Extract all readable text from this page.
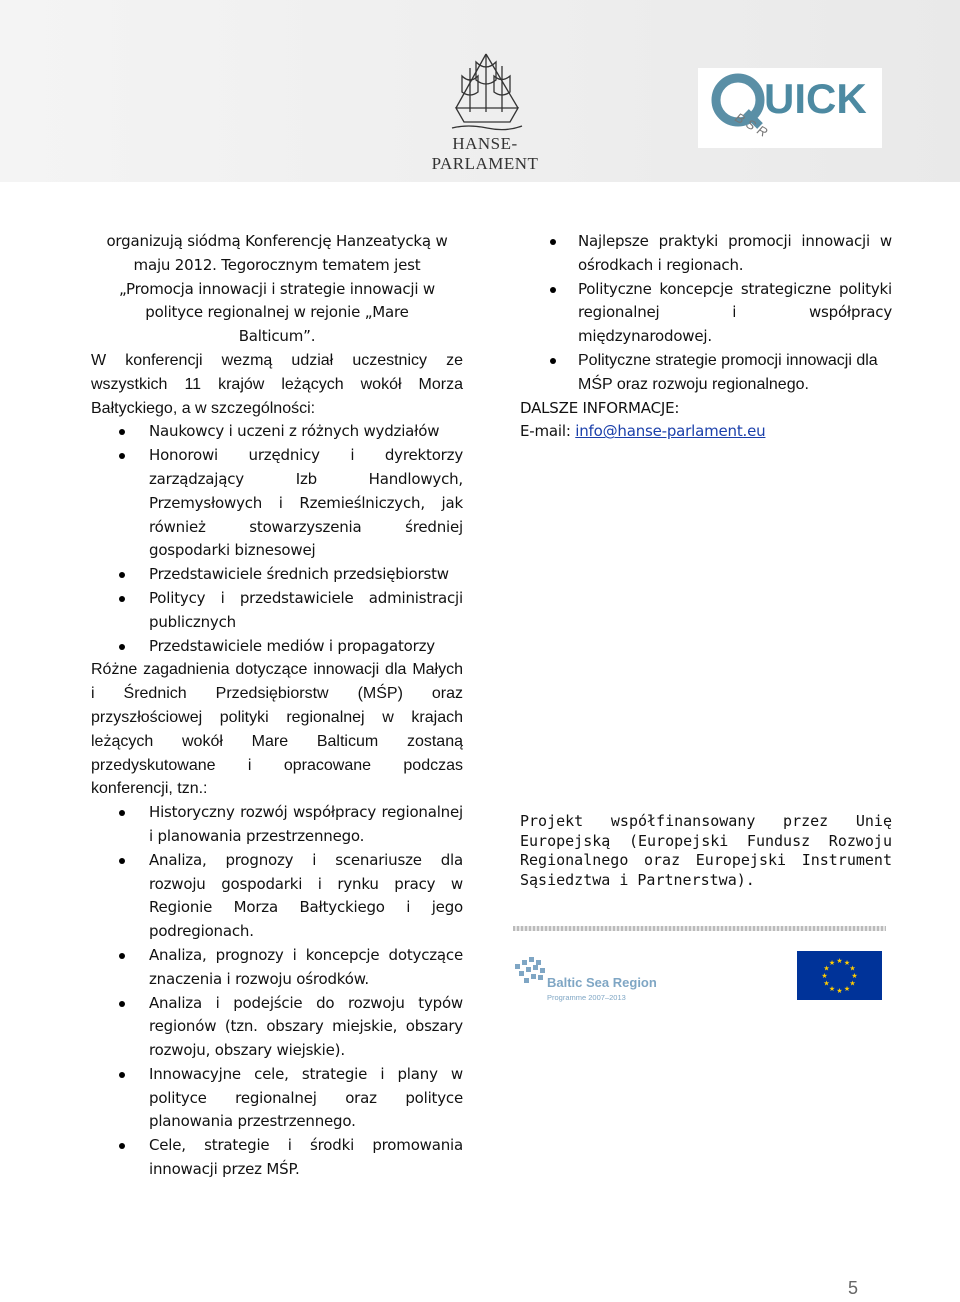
HANSE-PARLAMENT
UICK
BSR

organizują siódmą Konferencję Hanzeatycką w

maju 2012. Tegorocznym tematem jest

„Promocja innowacji i strategie innowacji w

polityce regionalnej w rejonie „Mare

Balticum”.

W konferencji wezmą udział uczestnicy ze wszystkich 11 krajów leżących wokół Morza Bałtyckiego, a w szczególności:

Naukowcy i uczeni z różnych wydziałów
Honorowi urzędnicy i dyrektorzy zarządzający Izb Handlowych, Przemysłowych i Rzemieślniczych, jak również stowarzyszenia średniej gospodarki biznesowej
Przedstawiciele średnich przedsiębiorstw
Politycy i przedstawiciele administracji publicznych
Przedstawiciele mediów i propagatorzy

Różne zagadnienia dotyczące innowacji dla Małych i Średnich Przedsiębiorstw (MŚP) oraz przyszłościowej polityki regionalnej w krajach leżących wokół Mare Balticum zostaną przedyskutowane i opracowane podczas konferencji, tzn.:

Historyczny rozwój współpracy regionalnej i planowania przestrzennego.
Analiza, prognozy i scenariusze dla rozwoju gospodarki i rynku pracy w Regionie Morza Bałtyckiego i jego podregionach.
Analiza, prognozy i koncepcje dotyczące znaczenia i rozwoju ośrodków.
Analiza i podejście do rozwoju typów regionów (tzn. obszary miejskie, obszary rozwoju, obszary wiejskie).
Innowacyjne cele, strategie i plany w polityce regionalnej oraz polityce planowania przestrzennego.
Cele, strategie i środki promowania innowacji przez MŚP.
Najlepsze praktyki promocji innowacji w ośrodkach i regionach.
Polityczne koncepcje strategiczne polityki regionalnej i współpracy międzynarodowej.
Polityczne strategie promocji innowacji dla MŚP oraz rozwoju regionalnego.

DALSZE INFORMACJE:

E-mail: info@hanse-parlament.eu

Projekt współfinansowany przez Unię Europejską (Europejski Fundusz Rozwoju Regionalnego oraz Europejski Instrument Sąsiedztwa i Partnerstwa).
Baltic Sea Region
Programme 2007–2013
★
★
★
★
★
★
★
★
★ ★ ★
★
5
